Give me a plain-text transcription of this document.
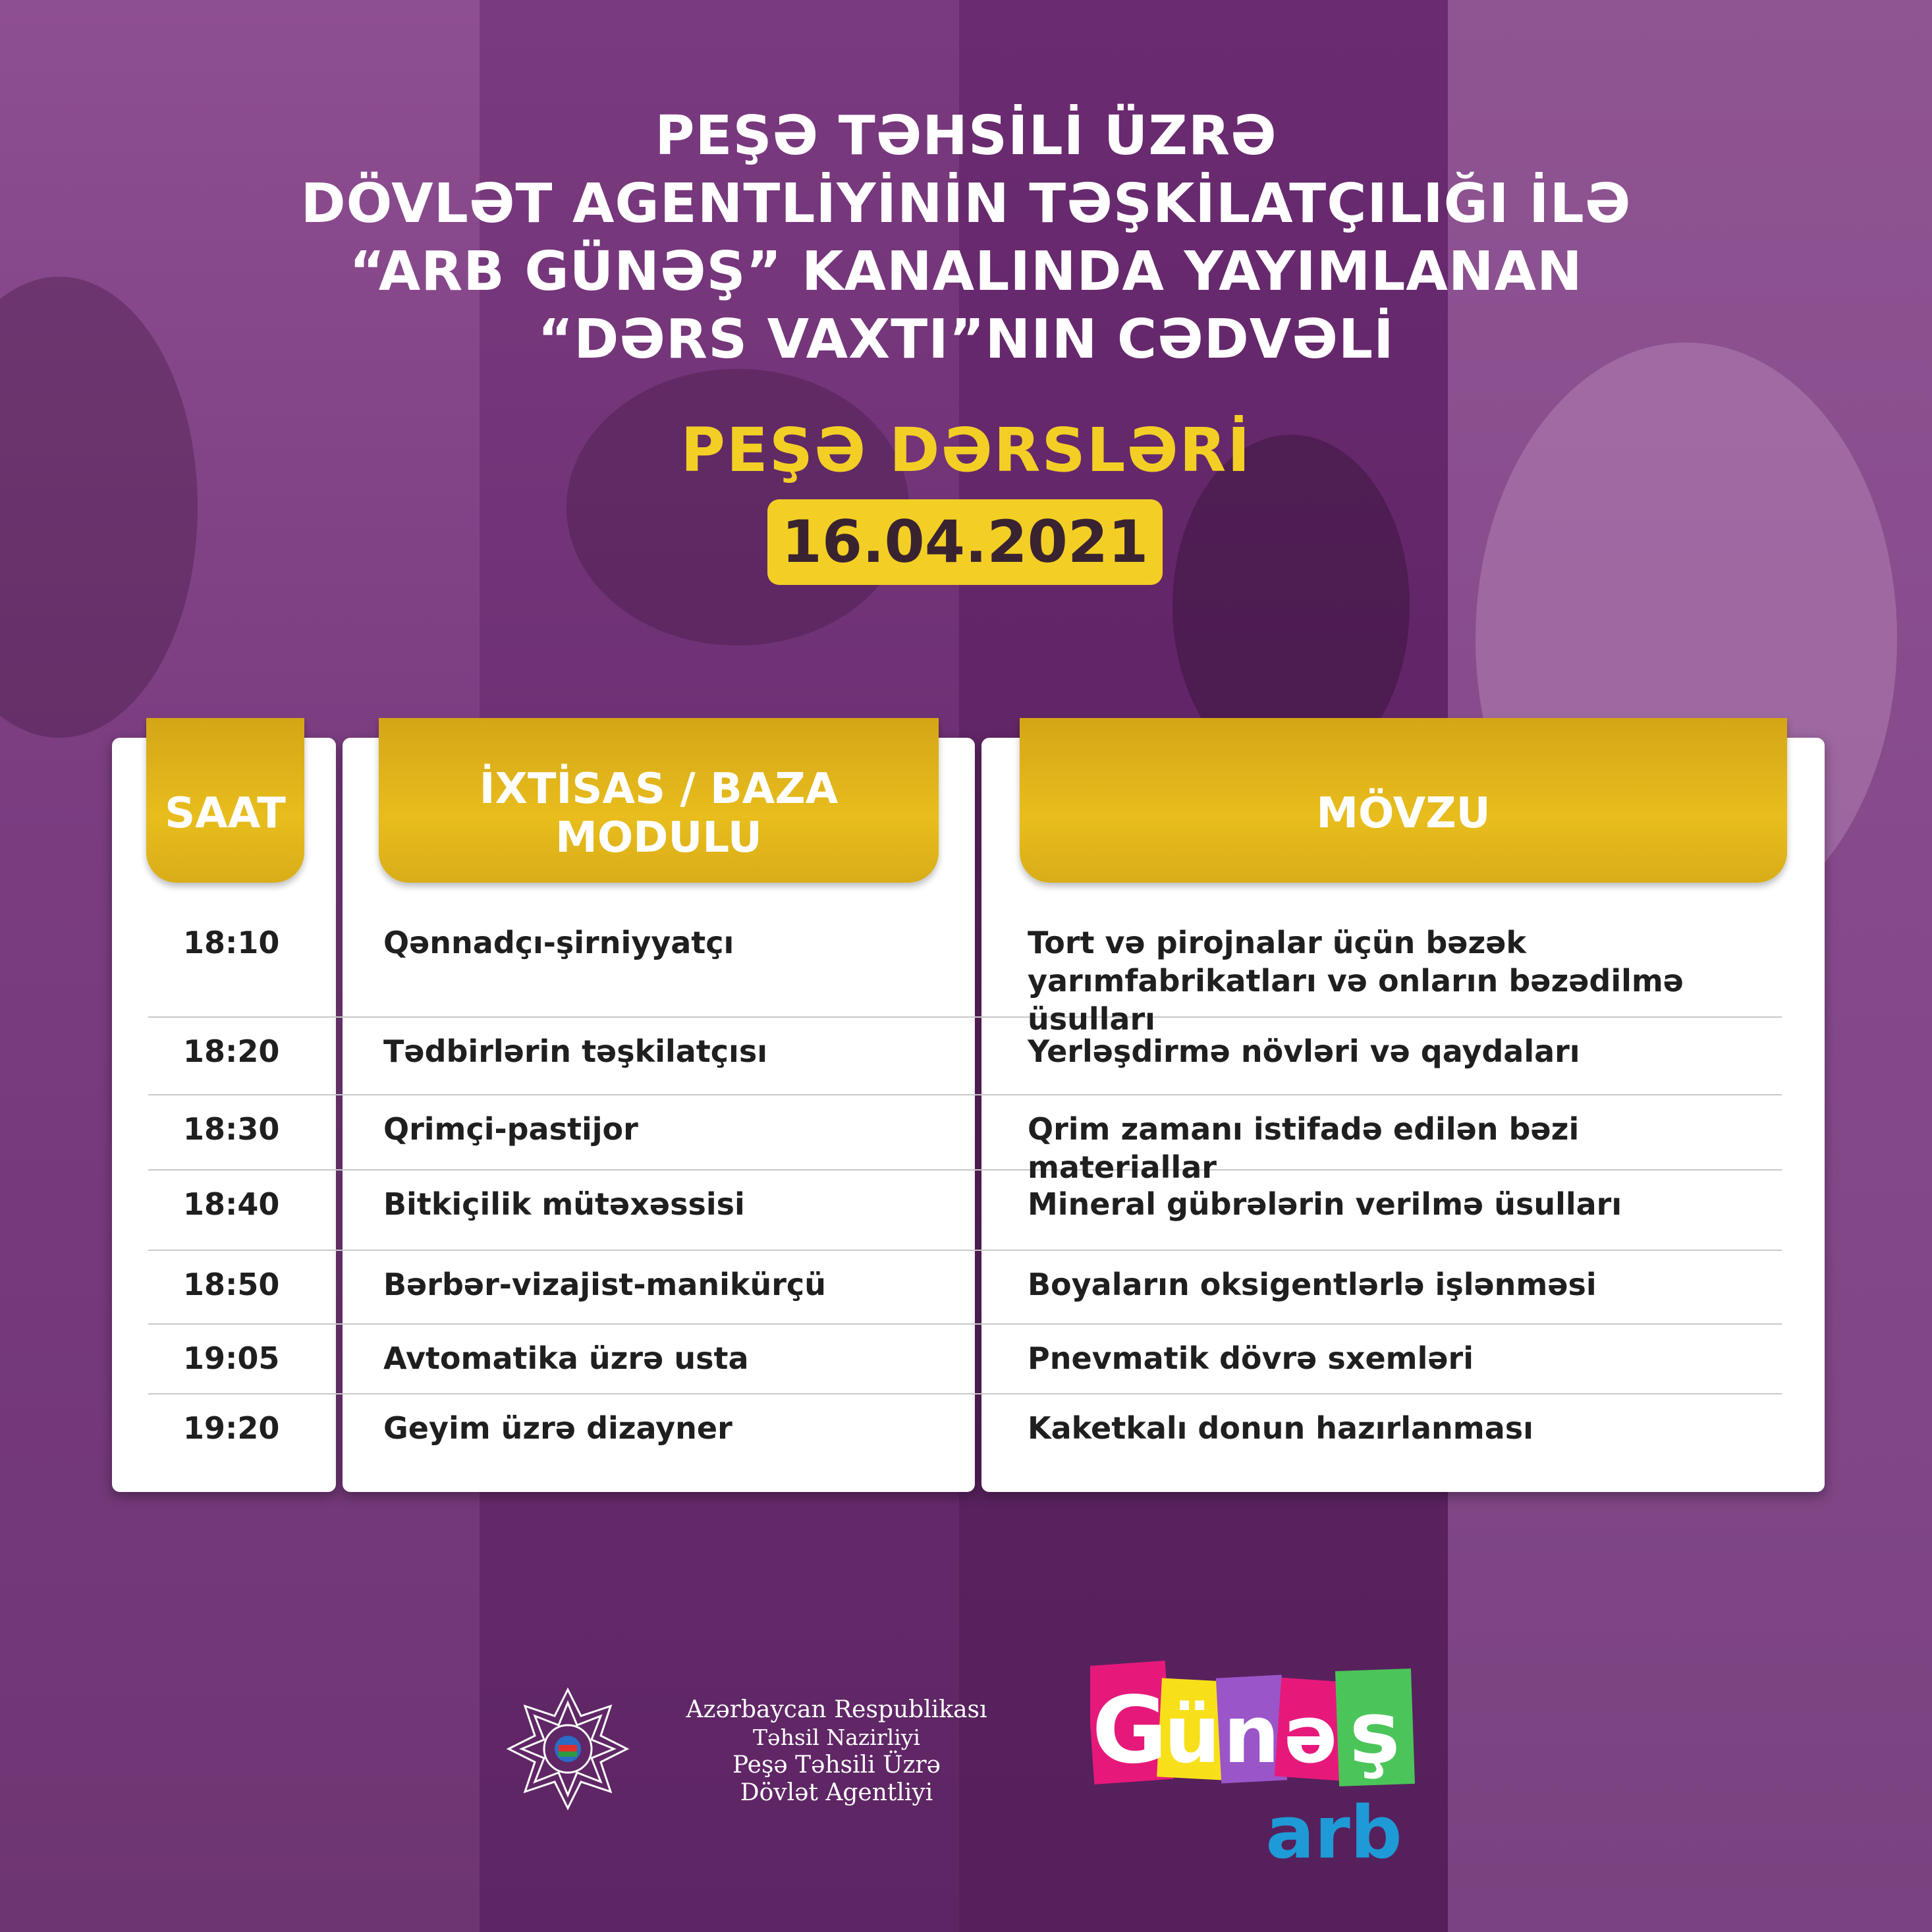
PEŞƏ TƏHSİLİ ÜZRƏ
DÖVLƏT AGENTLİYİNİN TƏŞKİLATÇILIĞI İLƏ
“ARB GÜNƏŞ” KANALINDA YAYIMLANAN
“DƏRS VAXTI”NIN CƏDVƏLİ
PEŞƏ DƏRSLƏRİ
16.04.2021
SAAT	İXTİSAS / BAZA MODULU	MÖVZU
18:10	Qənnadçı-şirniyyatçı	Tort və pirojnalar üçün bəzək yarımfabrikatları və onların bəzədilmə üsulları
18:20	Tədbirlərin təşkilatçısı	Yerləşdirmə növləri və qaydaları
18:30	Qrimçi-pastijor	Qrim zamanı istifadə edilən bəzi materiallar
18:40	Bitkiçilik mütəxəssisi	Mineral gübrələrin verilmə üsulları
18:50	Bərbər-vizajist-manikürçü	Boyaların oksigentlərlə işlənməsi
19:05	Avtomatika üzrə usta	Pnevmatik dövrə sxemləri
19:20	Geyim üzrə dizayner	Kaketkalı donun hazırlanması
Azərbaycan Respublikası
Təhsil Nazirliyi
Peşə Təhsili Üzrə
Dövlət Agentliyi
G
ü n ə ş
arb
